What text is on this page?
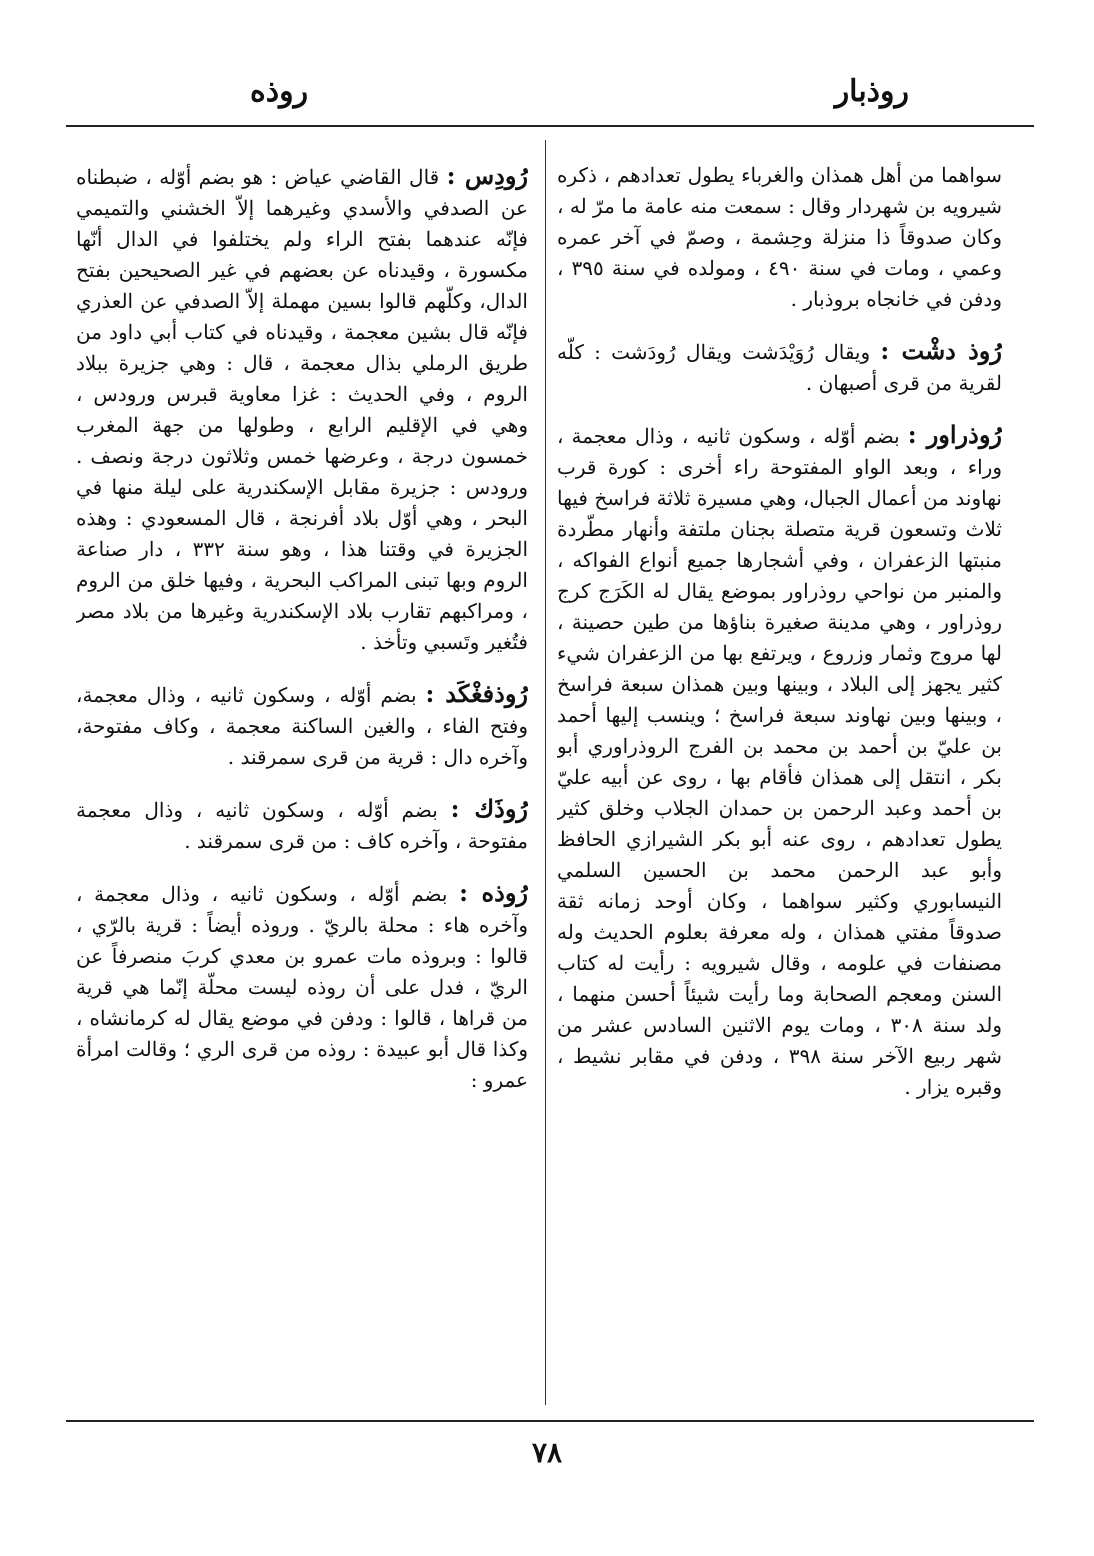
روذبار
روذه

سواهما من أهل همذان والغرباء يطول تعدادهم ، ذكره شيرويه بن شهردار وقال : سمعت منه عامة ما مرّ له ، وكان صدوقاً ذا منزلة وحِشمة ، وصمّ في آخر عمره وعمي ، ومات في سنة ٤٩٠ ، ومولده في سنة ٣٩٥ ، ودفن في خانجاه بروذبار .

رُوذ دشْت : ويقال رُوَيْدَشت ويقال رُودَشت : كلّه لقرية من قرى أصبهان .

رُوذراور : بضم أوّله ، وسكون ثانيه ، وذال معجمة ، وراء ، وبعد الواو المفتوحة راء أخرى : كورة قرب نهاوند من أعمال الجبال، وهي مسيرة ثلاثة فراسخ فيها ثلاث وتسعون قرية متصلة بجنان ملتفة وأنهار مطّردة منبتها الزعفران ، وفي أشجارها جميع أنواع الفواكه ، والمنبر من نواحي روذراور بموضع يقال له الكَرَج كرج روذراور ، وهي مدينة صغيرة بناؤها من طين حصينة ، لها مروج وثمار وزروع ، ويرتفع بها من الزعفران شيء كثير يجهز إلى البلاد ، وبينها وبين همذان سبعة فراسخ ، وبينها وبين نهاوند سبعة فراسخ ؛ وينسب إليها أحمد بن عليّ بن أحمد بن محمد بن الفرج الروذراوري أبو بكر ، انتقل إلى همذان فأقام بها ، روى عن أبيه عليّ بن أحمد وعبد الرحمن بن حمدان الجلاب وخلق كثير يطول تعدادهم ، روى عنه أبو بكر الشيرازي الحافظ وأبو عبد الرحمن محمد بن الحسين السلمي النيسابوري وكثير سواهما ، وكان أوحد زمانه ثقة صدوقاً مفتي همذان ، وله معرفة بعلوم الحديث وله مصنفات في علومه ، وقال شيرويه : رأيت له كتاب السنن ومعجم الصحابة وما رأيت شيئاً أحسن منهما ، ولد سنة ٣٠٨ ، ومات يوم الاثنين السادس عشر من شهر ربيع الآخر سنة ٣٩٨ ، ودفن في مقابر نشيط ، وقبره يزار .

رُودِس : قال القاضي عياض : هو بضم أوّله ، ضبطناه عن الصدفي والأسدي وغيرهما إلاّ الخشني والتميمي فإنّه عندهما بفتح الراء ولم يختلفوا في الدال أنّها مكسورة ، وقيدناه عن بعضهم في غير الصحيحين بفتح الدال، وكلّهم قالوا بسين مهملة إلاّ الصدفي عن العذري فإنّه قال بشين معجمة ، وقيدناه في كتاب أبي داود من طريق الرملي بذال معجمة ، قال : وهي جزيرة ببلاد الروم ، وفي الحديث : غزا معاوية قبرس ورودس ، وهي في الإقليم الرابع ، وطولها من جهة المغرب خمسون درجة ، وعرضها خمس وثلاثون درجة ونصف . ورودس : جزيرة مقابل الإسكندرية على ليلة منها في البحر ، وهي أوّل بلاد أفرنجة ، قال المسعودي : وهذه الجزيرة في وقتنا هذا ، وهو سنة ٣٣٢ ، دار صناعة الروم وبها تبنى المراكب البحرية ، وفيها خلق من الروم ، ومراكبهم تقارب بلاد الإسكندرية وغيرها من بلاد مصر فتُغير وتَسبي وتأخذ .

رُوذفغْكَد : بضم أوّله ، وسكون ثانيه ، وذال معجمة، وفتح الفاء ، والغين الساكنة معجمة ، وكاف مفتوحة، وآخره دال : قرية من قرى سمرقند .

رُوذَك : بضم أوّله ، وسكون ثانيه ، وذال معجمة مفتوحة ، وآخره كاف : من قرى سمرقند .

رُوذه : بضم أوّله ، وسكون ثانيه ، وذال معجمة ، وآخره هاء : محلة بالريّ . وروذه أيضاً : قرية بالرّي ، قالوا : وبروذه مات عمرو بن معدي كربَ منصرفاً عن الريّ ، فدل على أن روذه ليست محلّة إنّما هي قرية من قراها ، قالوا : ودفن في موضع يقال له كرمانشاه ، وكذا قال أبو عبيدة : روذه من قرى الري ؛ وقالت امرأة عمرو :

٧٨
